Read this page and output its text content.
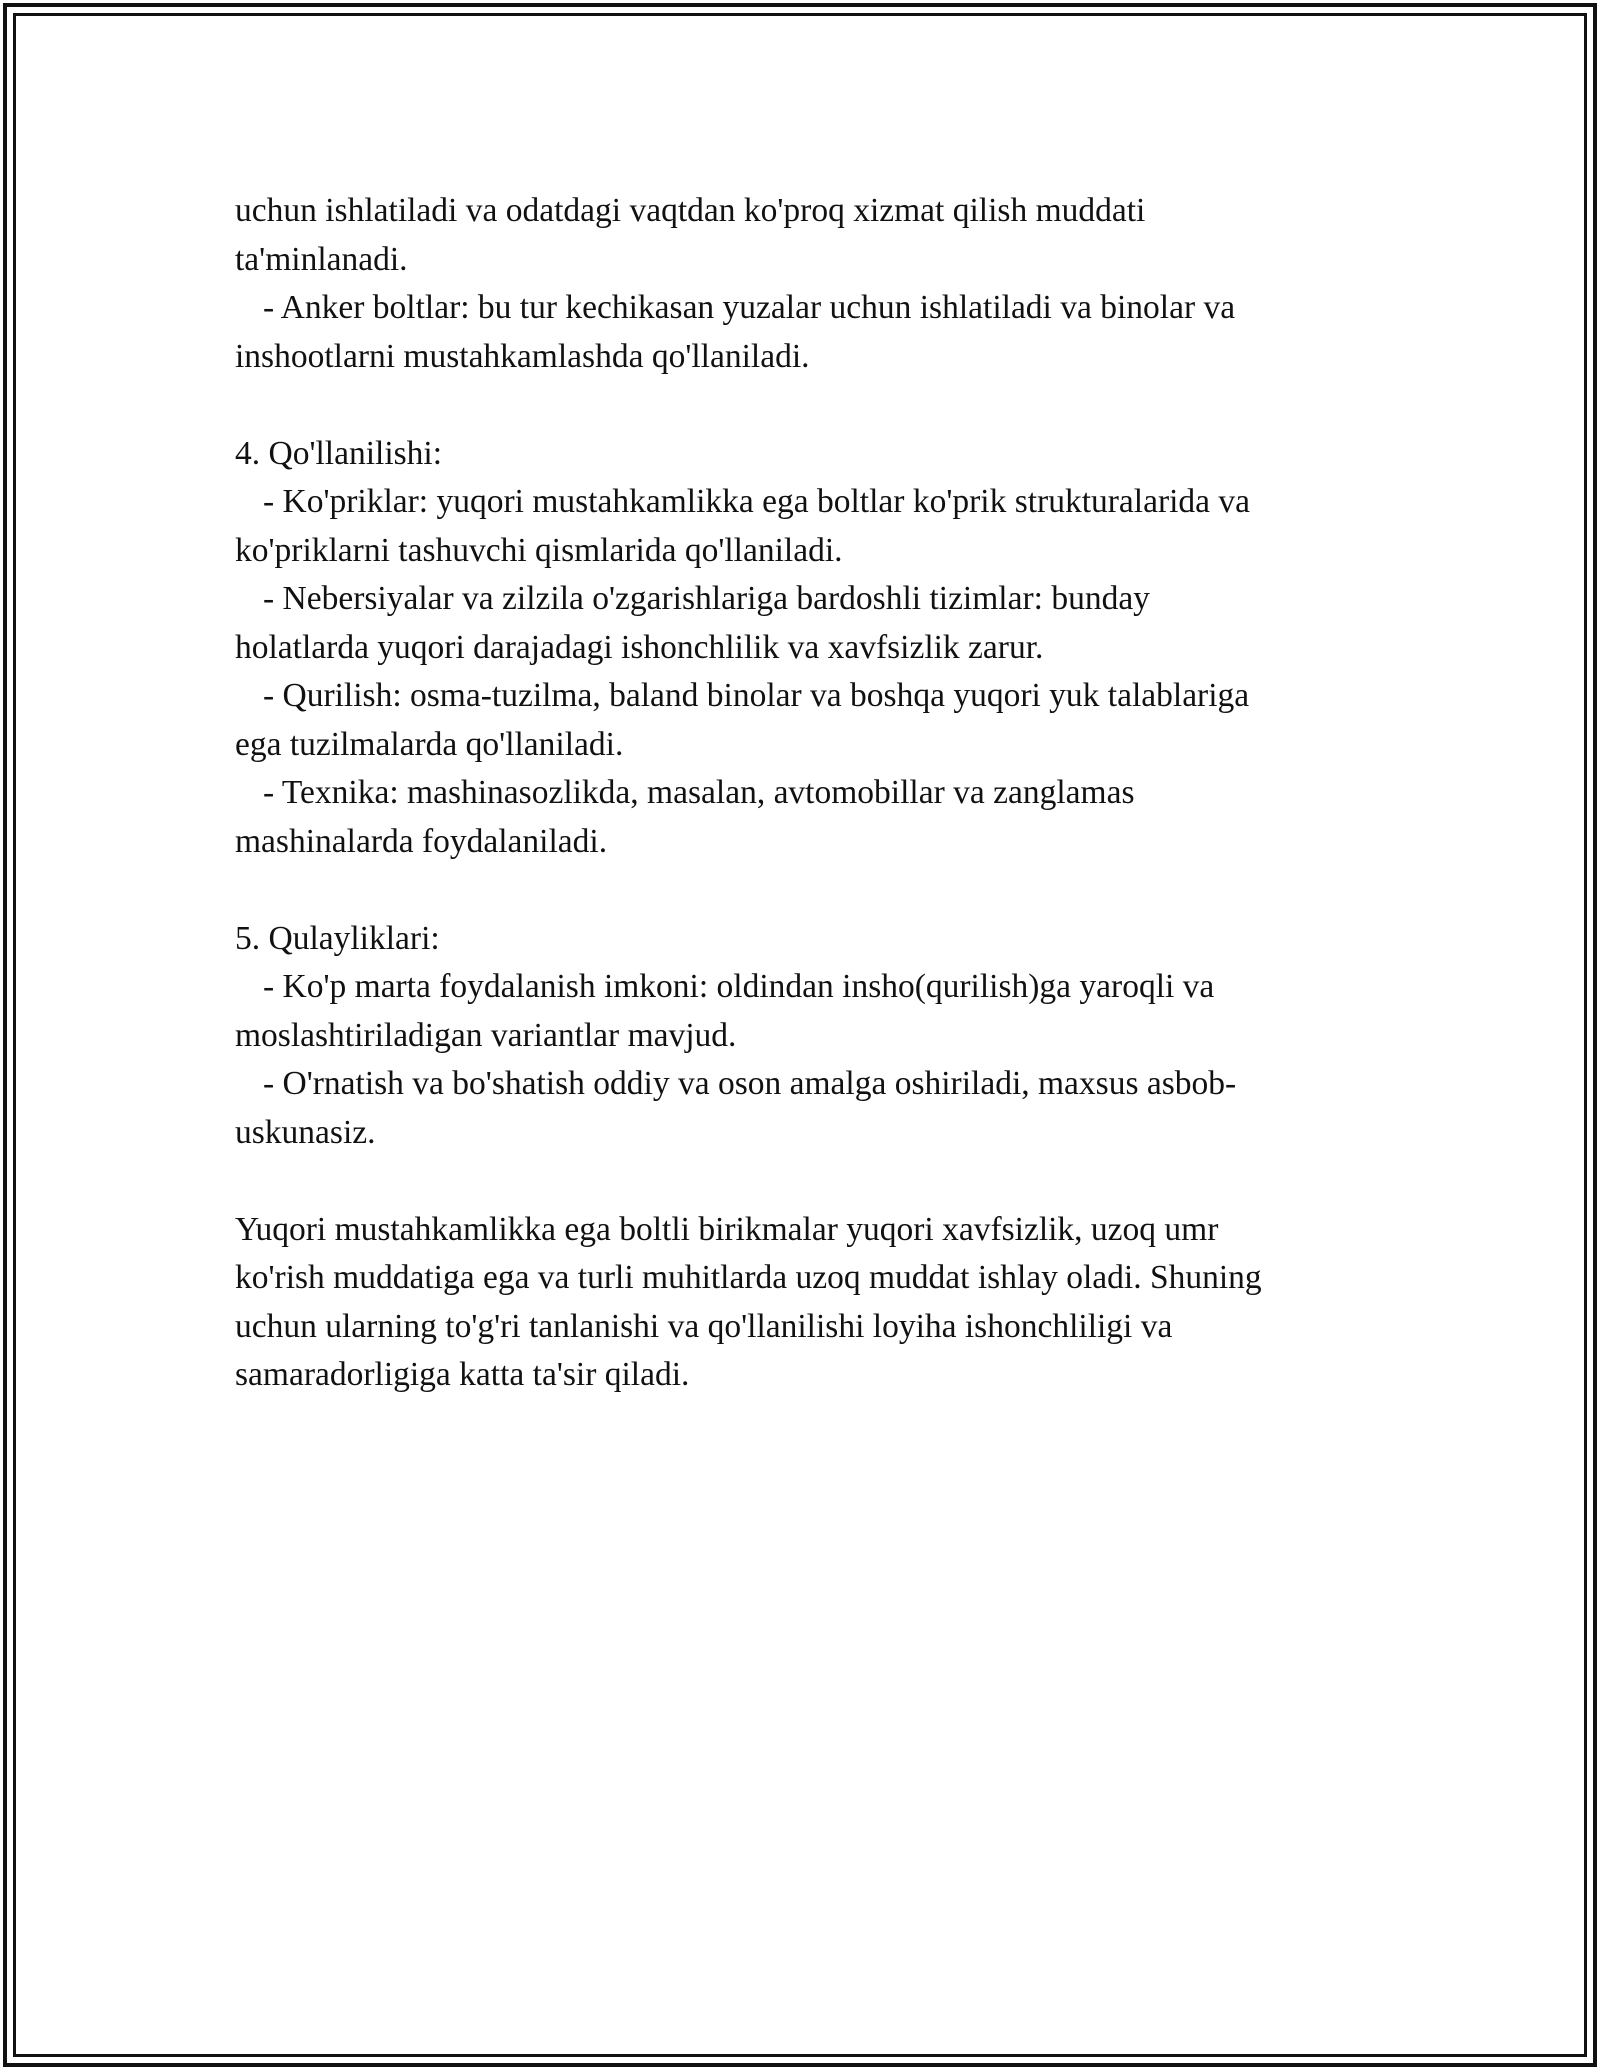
uchun ishlatiladi va odatdagi vaqtdan ko'proq xizmat qilish muddati
ta'minlanadi.
- Anker boltlar: bu tur kechikasan yuzalar uchun ishlatiladi va binolar va
inshootlarni mustahkamlashda qo'llaniladi.
4. Qo'llanilishi:
- Ko'priklar: yuqori mustahkamlikka ega boltlar ko'prik strukturalarida va
ko'priklarni tashuvchi qismlarida qo'llaniladi.
- Nebersiyalar va zilzila o'zgarishlariga bardoshli tizimlar: bunday
holatlarda yuqori darajadagi ishonchlilik va xavfsizlik zarur.
- Qurilish: osma-tuzilma, baland binolar va boshqa yuqori yuk talablariga
ega tuzilmalarda qo'llaniladi.
- Texnika: mashinasozlikda, masalan, avtomobillar va zanglamas
mashinalarda foydalaniladi.
5. Qulayliklari:
- Ko'p marta foydalanish imkoni: oldindan insho(qurilish)ga yaroqli va
moslashtiriladigan variantlar mavjud.
- O'rnatish va bo'shatish oddiy va oson amalga oshiriladi, maxsus asbob-
uskunasiz.
Yuqori mustahkamlikka ega boltli birikmalar yuqori xavfsizlik, uzoq umr
ko'rish muddatiga ega va turli muhitlarda uzoq muddat ishlay oladi. Shuning
uchun ularning to'g'ri tanlanishi va qo'llanilishi loyiha ishonchliligi va
samaradorligiga katta ta'sir qiladi.
